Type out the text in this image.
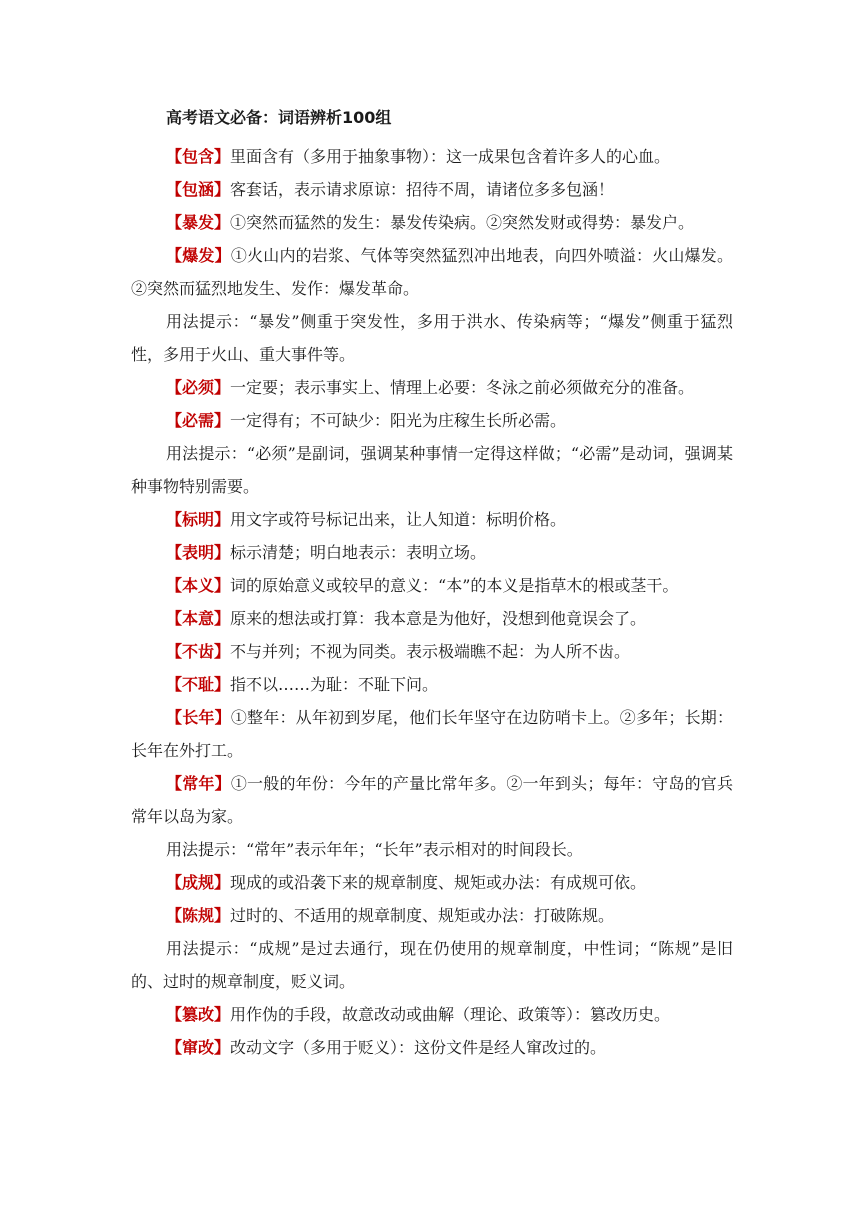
高考语文必备：词语辨析100组

【包含】里面含有（多用于抽象事物）：这一成果包含着许多人的心血。

【包涵】客套话，表示请求原谅：招待不周，请诸位多多包涵！

【暴发】①突然而猛然的发生：暴发传染病。②突然发财或得势：暴发户。

【爆发】①火山内的岩浆、气体等突然猛烈冲出地表，向四外喷溢：火山爆发。②突然而猛烈地发生、发作：爆发革命。

用法提示：“暴发”侧重于突发性，多用于洪水、传染病等；“爆发”侧重于猛烈性，多用于火山、重大事件等。

【必须】一定要；表示事实上、情理上必要：冬泳之前必须做充分的准备。

【必需】一定得有；不可缺少：阳光为庄稼生长所必需。

用法提示：“必须”是副词，强调某种事情一定得这样做；“必需”是动词，强调某种事物特别需要。

【标明】用文字或符号标记出来，让人知道：标明价格。

【表明】标示清楚；明白地表示：表明立场。

【本义】词的原始意义或较早的意义：“本”的本义是指草木的根或茎干。

【本意】原来的想法或打算：我本意是为他好，没想到他竟误会了。

【不齿】不与并列；不视为同类。表示极端瞧不起：为人所不齿。

【不耻】指不以……为耻：不耻下问。

【长年】①整年：从年初到岁尾，他们长年坚守在边防哨卡上。②多年；长期：长年在外打工。

【常年】①一般的年份：今年的产量比常年多。②一年到头；每年：守岛的官兵常年以岛为家。

用法提示：“常年”表示年年；“长年”表示相对的时间段长。

【成规】现成的或沿袭下来的规章制度、规矩或办法：有成规可依。

【陈规】过时的、不适用的规章制度、规矩或办法：打破陈规。

用法提示：“成规”是过去通行，现在仍使用的规章制度，中性词；“陈规”是旧的、过时的规章制度，贬义词。

【篡改】用作伪的手段，故意改动或曲解（理论、政策等）：篡改历史。

【窜改】改动文字（多用于贬义）：这份文件是经人窜改过的。
